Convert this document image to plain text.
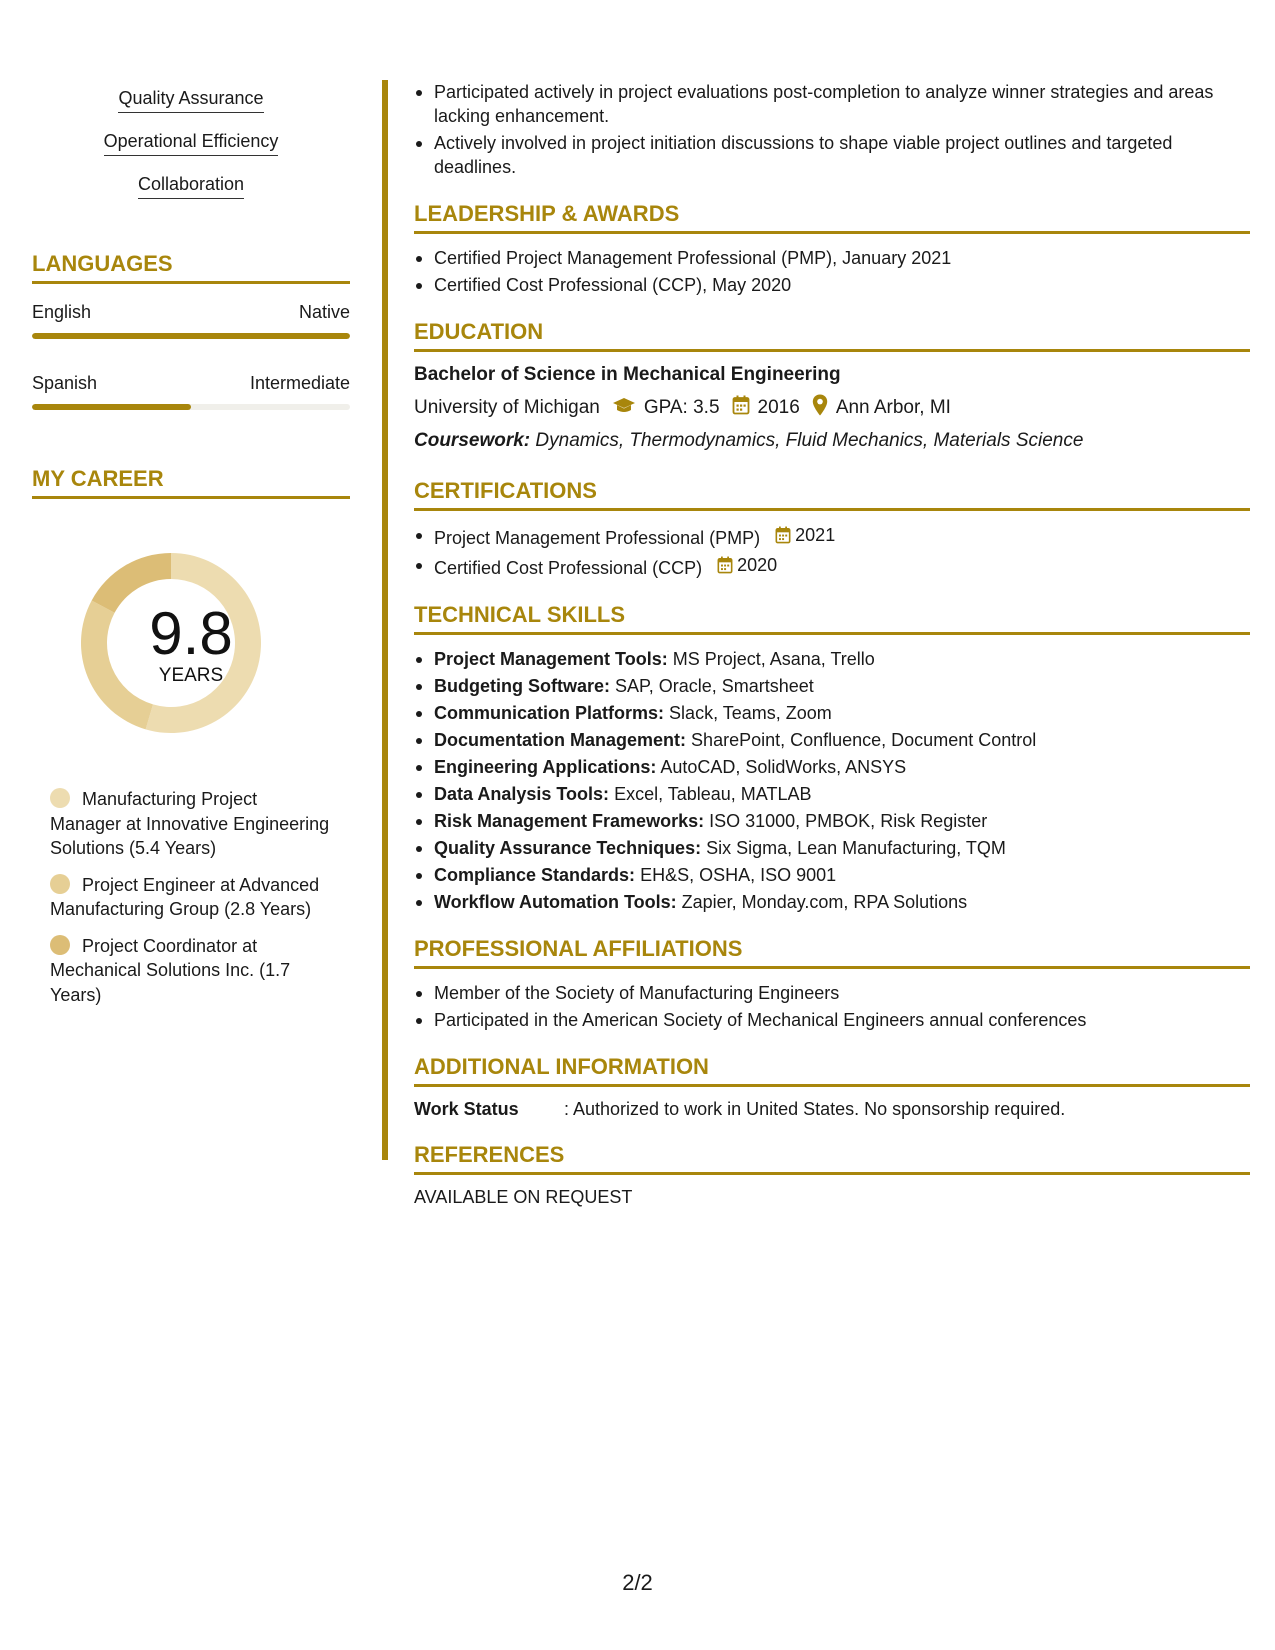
Quality Assurance
Operational Efficiency
Collaboration
LANGUAGES
English	Native
Spanish	Intermediate
MY CAREER
9.8
YEARS
Manufacturing Project Manager at Innovative Engineering Solutions (5.4 Years)
Project Engineer at Advanced Manufacturing Group (2.8 Years)
Project Coordinator at Mechanical Solutions Inc. (1.7 Years)
Participated actively in project evaluations post-completion to analyze winner strategies and areas lacking enhancement.
Actively involved in project initiation discussions to shape viable project outlines and targeted deadlines.
LEADERSHIP & AWARDS
Certified Project Management Professional (PMP), January 2021
Certified Cost Professional (CCP), May 2020
EDUCATION
Bachelor of Science in Mechanical Engineering
University of Michigan GPA: 3.5 2016 Ann Arbor, MI
Coursework: Dynamics, Thermodynamics, Fluid Mechanics, Materials Science
CERTIFICATIONS
Project Management Professional (PMP) 2021
Certified Cost Professional (CCP) 2020
TECHNICAL SKILLS
Project Management Tools: MS Project, Asana, Trello
Budgeting Software: SAP, Oracle, Smartsheet
Communication Platforms: Slack, Teams, Zoom
Documentation Management: SharePoint, Confluence, Document Control
Engineering Applications: AutoCAD, SolidWorks, ANSYS
Data Analysis Tools: Excel, Tableau, MATLAB
Risk Management Frameworks: ISO 31000, PMBOK, Risk Register
Quality Assurance Techniques: Six Sigma, Lean Manufacturing, TQM
Compliance Standards: EH&S, OSHA, ISO 9001
Workflow Automation Tools: Zapier, Monday.com, RPA Solutions
PROFESSIONAL AFFILIATIONS
Member of the Society of Manufacturing Engineers
Participated in the American Society of Mechanical Engineers annual conferences
ADDITIONAL INFORMATION
Work Status	: Authorized to work in United States. No sponsorship required.
REFERENCES
AVAILABLE ON REQUEST
2/2
